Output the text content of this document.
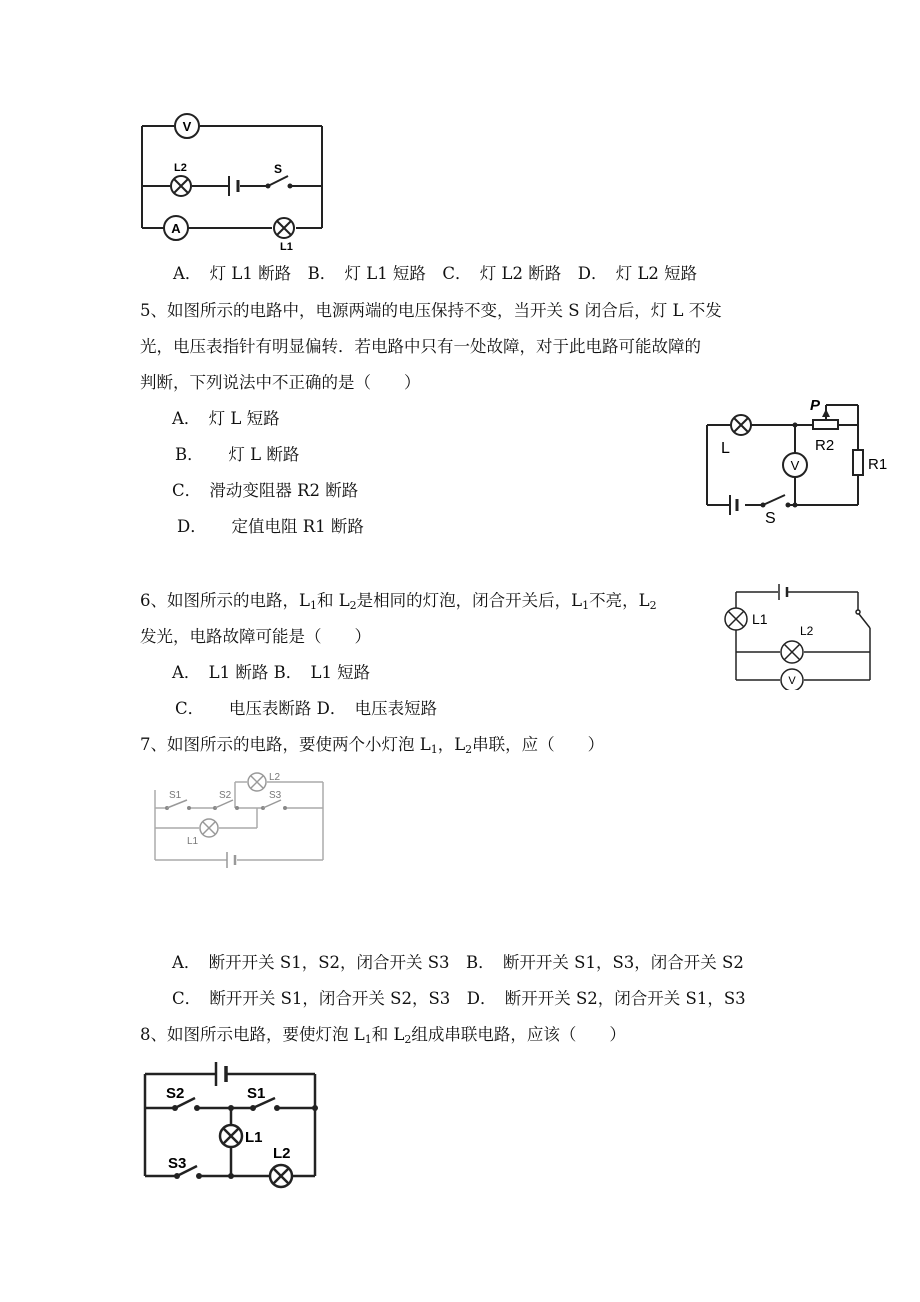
V
L2	S
A
L1
A．　灯 L1 断路　B．　灯 L1 短路　C．　灯 L2 断路　D．　灯 L2 短路
5、如图所示的电路中，电源两端的电压保持不变，当开关 S 闭合后，灯 L 不发
光，电压表指针有明显偏转．若电路中只有一处故障，对于此电路可能故障的
判断，下列说法中不正确的是（　　）
A．　灯 L 短路
B．　　灯 L 断路
C．　滑动变阻器 R2 断路
D．　　定值电阻 R1 断路
L
P
R2
R1
V
S
6、如图所示的电路，$L_1$和 $L_2$是相同的灯泡，闭合开关后，$L_1$不亮，$L_2$
发光，电路故障可能是（　　）
A．　L1 断路 B．　L1 短路
C．　　电压表断路 D．　电压表短路
L1
L2
V
7、如图所示的电路，要使两个小灯泡 $L_1$，$L_2$串联，应（　　）
S1	S2	S3
L2
L1
A．　断开开关 S1，S2，闭合开关 S3　B．　断开开关 S1，S3，闭合开关 S2
C．　断开开关 S1，闭合开关 S2，S3　D．　断开开关 S2，闭合开关 S1，S3
8、如图所示电路，要使灯泡 $L_1$和 $L_2$组成串联电路，应该（　　）
S2	S1
L1
S3
L2
